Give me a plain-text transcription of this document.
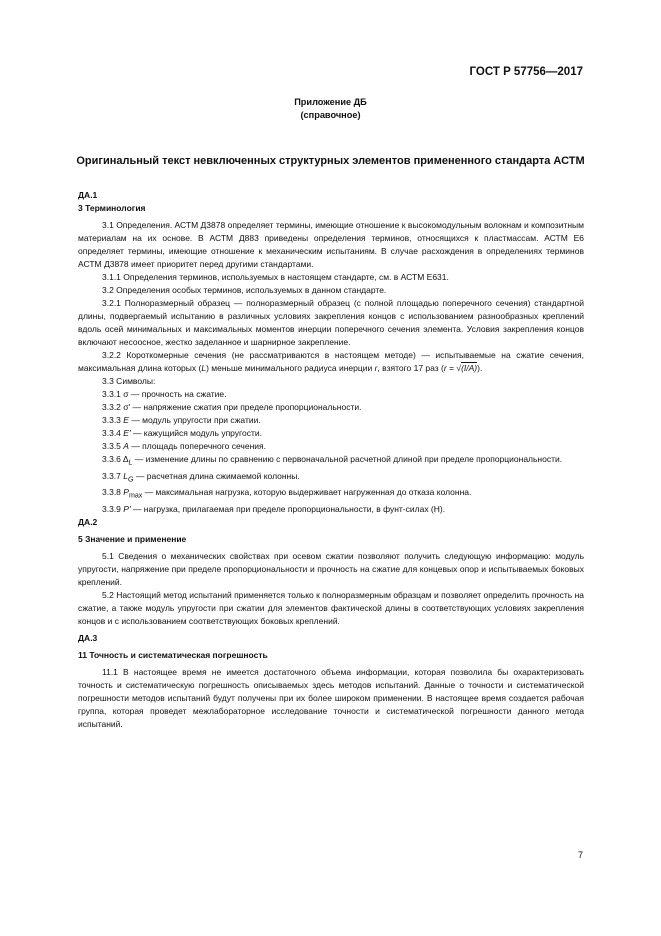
ГОСТ Р 57756—2017
Приложение ДБ
(справочное)
Оригинальный текст невключенных структурных элементов примененного стандарта АСТМ

ДА.1

3 Терминология

3.1 Определения. АСТМ Д3878 определяет термины, имеющие отношение к высокомодульным волокнам и композитным материалам на их основе. В АСТМ Д883 приведены определения терминов, относящихся к пластмассам. АСТМ Е6 определяет термины, имеющие отношение к механическим испытаниям. В случае расхождения в определениях терминов АСТМ Д3878 имеет приоритет перед другими стандартами.

3.1.1 Определения терминов, используемых в настоящем стандарте, см. в АСТМ Е631.

3.2 Определения особых терминов, используемых в данном стандарте.

3.2.1 Полноразмерный образец — полноразмерный образец (с полной площадью поперечного сечения) стандартной длины, подвергаемый испытанию в различных условиях закрепления концов с использованием разнообразных креплений вдоль осей минимальных и максимальных моментов инерции поперечного сечения элемента. Условия закрепления концов включают несоосное, жестко заделанное и шарнирное закрепление.

3.2.2 Короткомерные сечения (не рассматриваются в настоящем методе) — испытываемые на сжатие сечения, максимальная длина которых (L) меньше минимального радиуса инерции r, взятого 17 раз (r = √(I/A)).

3.3 Символы:

3.3.1 σ — прочность на сжатие.

3.3.2 σ' — напряжение сжатия при пределе пропорциональности.

3.3.3 E — модуль упругости при сжатии.

3.3.4 E' — кажущийся модуль упругости.

3.3.5 A — площадь поперечного сечения.

3.3.6 $\Delta_L$ — изменение длины по сравнению с первоначальной расчетной длиной при пределе пропорциональности.

3.3.7 $L_G$ — расчетная длина сжимаемой колонны.

3.3.8 $P_{max}$ — максимальная нагрузка, которую выдерживает нагруженная до отказа колонна.

3.3.9 P' — нагрузка, прилагаемая при пределе пропорциональности, в фунт-силах (Н).

ДА.2

5 Значение и применение

5.1 Сведения о механических свойствах при осевом сжатии позволяют получить следующую информацию: модуль упругости, напряжение при пределе пропорциональности и прочность на сжатие для концевых опор и испытываемых боковых креплений.

5.2 Настоящий метод испытаний применяется только к полноразмерным образцам и позволяет определить прочность на сжатие, а также модуль упругости при сжатии для элементов фактической длины в соответствующих условиях закрепления концов и с использованием соответствующих боковых креплений.

ДА.3

11 Точность и систематическая погрешность

11.1 В настоящее время не имеется достаточного объема информации, которая позволила бы охарактеризовать точность и систематическую погрешность описываемых здесь методов испытаний. Данные о точности и систематической погрешности методов испытаний будут получены при их более широком применении. В настоящее время создается рабочая группа, которая проведет межлабораторное исследование точности и систематической погрешности данного метода испытаний.

7
